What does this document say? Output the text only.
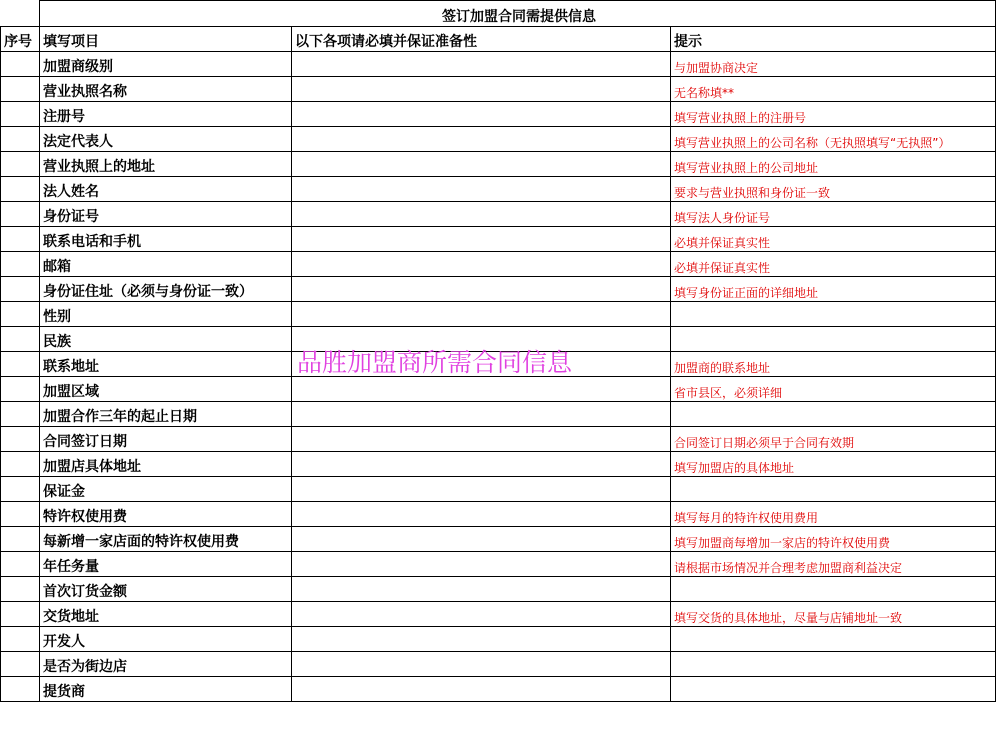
	签订加盟合同需提供信息		
序号	填写项目	以下各项请必填并保证准备性	提示
	加盟商级别		与加盟协商决定
	营业执照名称		无名称填**
	注册号		填写营业执照上的注册号
	法定代表人		填写营业执照上的公司名称（无执照填写“无执照”）
	营业执照上的地址		填写营业执照上的公司地址
	法人姓名		要求与营业执照和身份证一致
	身份证号		填写法人身份证号
	联系电话和手机		必填并保证真实性
	邮箱		必填并保证真实性
	身份证住址（必须与身份证一致）		填写身份证正面的详细地址
	性别		
	民族		
	联系地址		加盟商的联系地址
	加盟区域		省市县区，必须详细
	加盟合作三年的起止日期		
	合同签订日期		合同签订日期必须早于合同有效期
	加盟店具体地址		填写加盟店的具体地址
	保证金		
	特许权使用费		填写每月的特许权使用费用
	每新增一家店面的特许权使用费		填写加盟商每增加一家店的特许权使用费
	年任务量		请根据市场情况并合理考虑加盟商利益决定
	首次订货金额		
	交货地址		填写交货的具体地址，尽量与店铺地址一致
	开发人		
	是否为街边店		
	提货商		
品胜加盟商所需合同信息
